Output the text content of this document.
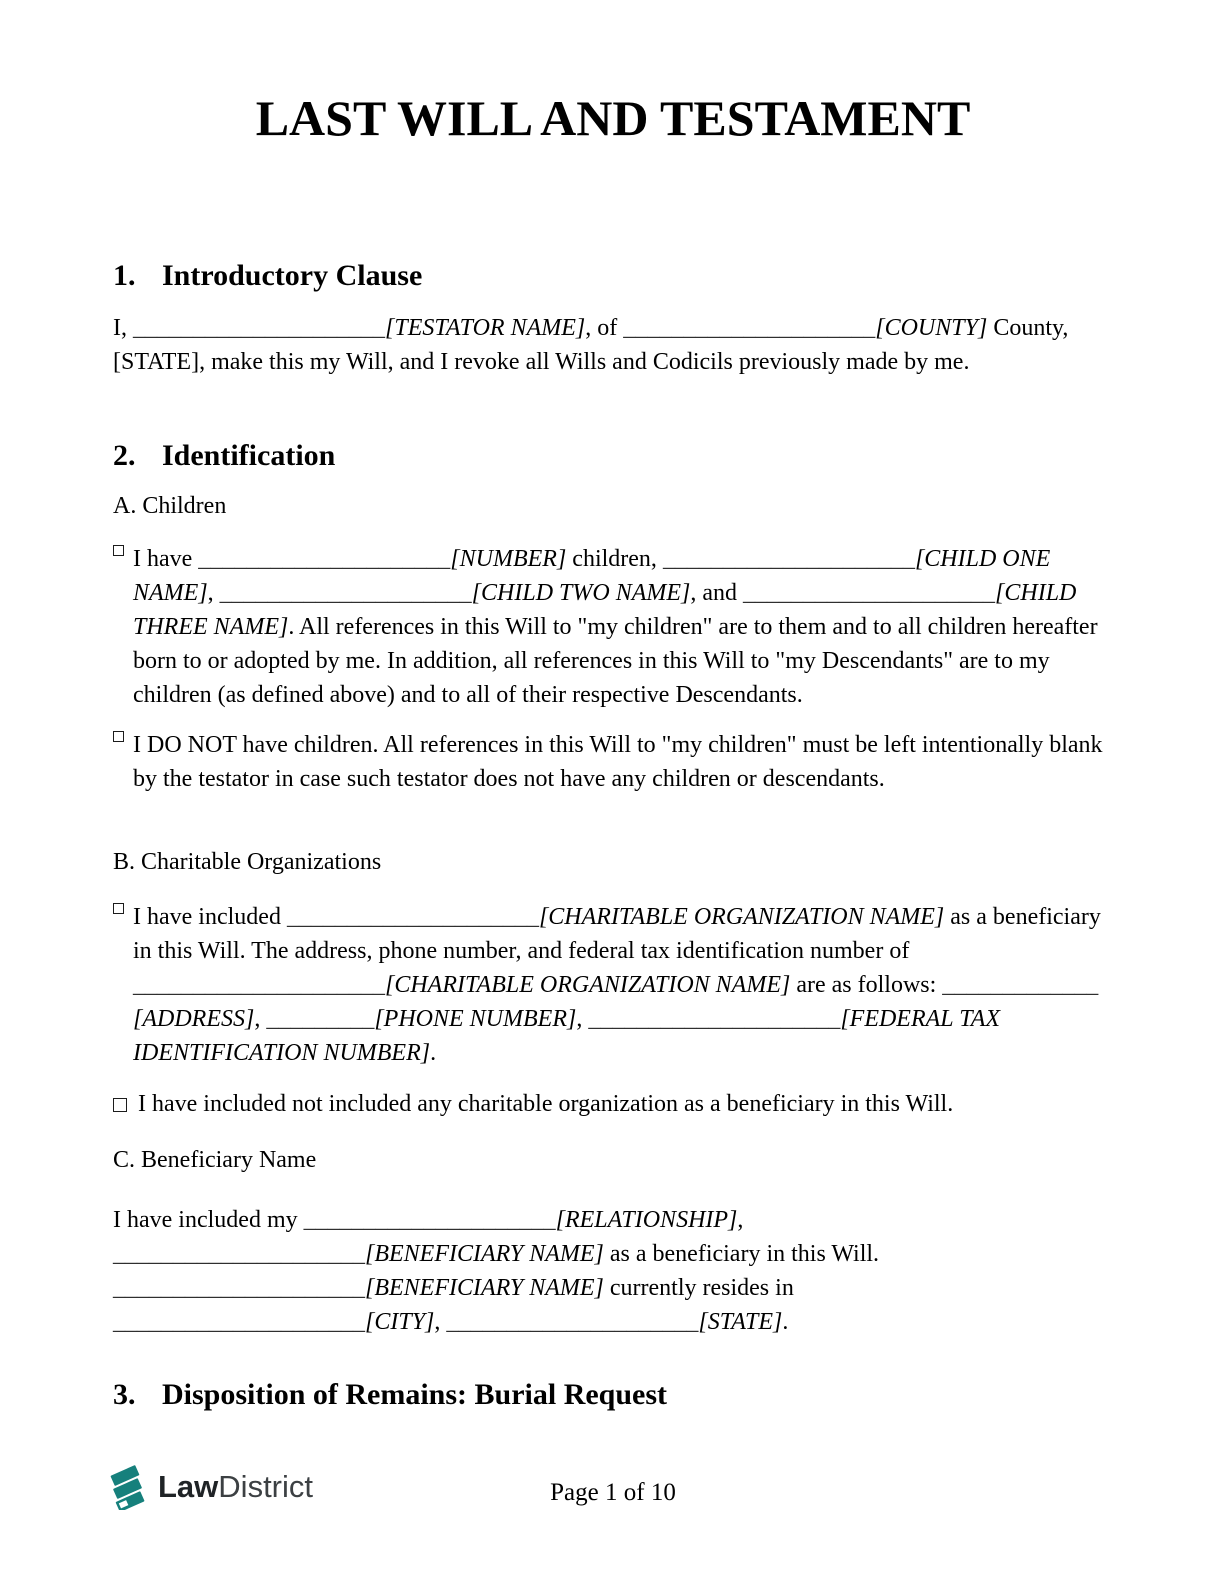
LAST WILL AND TESTAMENT
1. Introductory Clause

I, _____________________[TESTATOR NAME], of _____________________[COUNTY] County, [STATE], make this my Will, and I revoke all Wills and Codicils previously made by me.

2. Identification

A. Children

I have _____________________[NUMBER] children, _____________________[CHILD ONE NAME], _____________________[CHILD TWO NAME], and _____________________[CHILD THREE NAME]. All references in this Will to "my children" are to them and to all children hereafter born to or adopted by me. In addition, all references in this Will to "my Descendants" are to my children (as defined above) and to all of their respective Descendants.
I DO NOT have children. All references in this Will to "my children" must be left intentionally blank by the testator in case such testator does not have any children or descendants.

B. Charitable Organizations

I have included _____________________[CHARITABLE ORGANIZATION NAME] as a beneficiary in this Will. The address, phone number, and federal tax identification number of _____________________[CHARITABLE ORGANIZATION NAME] are as follows: _____________ [ADDRESS], _________[PHONE NUMBER], _____________________[FEDERAL TAX IDENTIFICATION NUMBER].
I have included not included any charitable organization as a beneficiary in this Will.

C. Beneficiary Name

I have included my _____________________[RELATIONSHIP],
_____________________[BENEFICIARY NAME] as a beneficiary in this Will.
_____________________[BENEFICIARY NAME] currently resides in
_____________________[CITY], _____________________[STATE].

3. Disposition of Remains: Burial Request
Law District	Page 1 of 10
